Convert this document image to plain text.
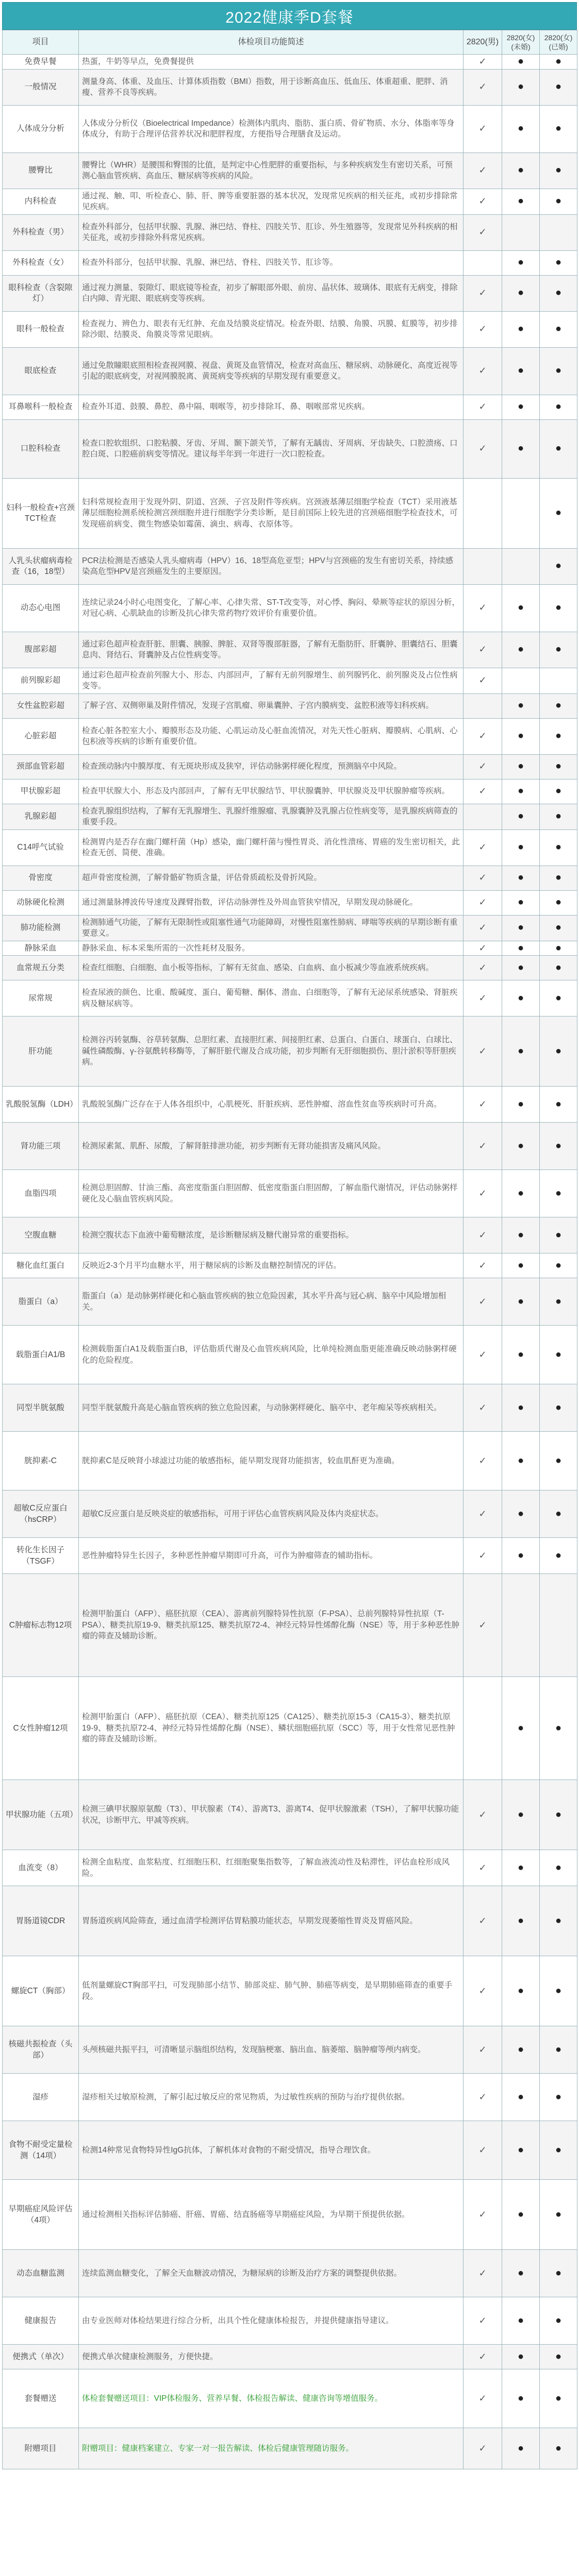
2022健康季D套餐
项目	体检项目功能简述	2820(男)	2820(女)(未婚)	2820(女)(已婚)
免费早餐	热蛋，牛奶等早点，免费餐提供	✓	●	●
一般情况	测量身高、体重、及血压、计算体质指数（BMI）指数，用于诊断高血压、低血压、体重超重、肥胖、消瘦、营养不良等疾病。	✓	●	●
人体成分分析	人体成分分析仪（Bioelectrical Impedance）检测体内肌肉、脂肪、蛋白质、骨矿物质、水分、体脂率等身体成分，有助于合理评估营养状况和肥胖程度，方便指导合理膳食及运动。	✓	●	●
腰臀比	腰臀比（WHR）是腰围和臀围的比值，是判定中心性肥胖的重要指标，与多种疾病发生有密切关系，可预测心脑血管疾病、高血压、糖尿病等疾病的风险。	✓	●	●
内科检查	通过视、触、叩、听检查心、肺、肝、脾等重要脏器的基本状况，发现常见疾病的相关征兆，或初步排除常见疾病。	✓	●	●
外科检查（男）	检查外科部分，包括甲状腺、乳腺、淋巴结、脊柱、四肢关节、肛诊、外生殖器等，发现常见外科疾病的相关征兆，或初步排除外科常见疾病。	✓		
外科检查（女）	检查外科部分，包括甲状腺、乳腺、淋巴结、脊柱、四肢关节、肛诊等。		●	●
眼科检查（含裂隙灯）	通过视力测量、裂隙灯、眼底镜等检查，初步了解眼部外眼、前房、晶状体、玻璃体、眼底有无病变，排除白内障、青光眼、眼底病变等疾病。	✓	●	●
眼科一般检查	检查视力、辨色力、眼表有无红肿、充血及结膜炎症情况。检查外眼、结膜、角膜、巩膜、虹膜等，初步排除沙眼、结膜炎、角膜炎等常见眼病。	✓	●	●
眼底检查	通过免散瞳眼底照相检查视网膜、视盘、黄斑及血管情况，检查对高血压、糖尿病、动脉硬化、高度近视等引起的眼底病变，对视网膜脱离、黄斑病变等疾病的早期发现有重要意义。	✓	●	●
耳鼻喉科一般检查	检查外耳道、鼓膜、鼻腔、鼻中隔、咽喉等，初步排除耳、鼻、咽喉部常见疾病。	✓	●	●
口腔科检查	检查口腔软组织、口腔粘膜、牙齿、牙周、颞下颌关节，了解有无龋齿、牙周病、牙齿缺失、口腔溃疡、口腔白斑、口腔癌前病变等情况。建议每半年到一年进行一次口腔检查。	✓	●	●
妇科一般检查+宫颈TCT检查	妇科常规检查用于发现外阴、阴道、宫颈、子宫及附件等疾病。宫颈液基薄层细胞学检查（TCT）采用液基薄层细胞检测系统检测宫颈细胞并进行细胞学分类诊断，是目前国际上较先进的宫颈癌细胞学检查技术，可发现癌前病变、微生物感染如霉菌、滴虫、病毒、衣原体等。			●
人乳头状瘤病毒检查（16，18型）	PCR法检测是否感染人乳头瘤病毒（HPV）16、18型高危亚型；HPV与宫颈癌的发生有密切关系，持续感染高危型HPV是宫颈癌发生的主要原因。			●
动态心电图	连续记录24小时心电图变化，了解心率、心律失常、ST-T改变等，对心悸、胸闷、晕厥等症状的原因分析，对冠心病、心肌缺血的诊断及抗心律失常药物疗效评价有重要价值。	✓	●	●
腹部彩超	通过彩色超声检查肝脏、胆囊、胰腺、脾脏、双肾等腹部脏器，了解有无脂肪肝、肝囊肿、胆囊结石、胆囊息肉、肾结石、肾囊肿及占位性病变等。	✓	●	●
前列腺彩超	通过彩色超声检查前列腺大小、形态、内部回声，了解有无前列腺增生、前列腺钙化、前列腺炎及占位性病变等。	✓		
女性盆腔彩超	了解子宫、双侧卵巢及附件情况，发现子宫肌瘤、卵巢囊肿、子宫内膜病变、盆腔积液等妇科疾病。		●	●
心脏彩超	检查心脏各腔室大小、瓣膜形态及功能、心肌运动及心脏血流情况，对先天性心脏病、瓣膜病、心肌病、心包积液等疾病的诊断有重要价值。	✓	●	●
颈部血管彩超	检查颈动脉内中膜厚度、有无斑块形成及狭窄，评估动脉粥样硬化程度，预测脑卒中风险。	✓	●	●
甲状腺彩超	检查甲状腺大小、形态及内部回声，了解有无甲状腺结节、甲状腺囊肿、甲状腺炎及甲状腺肿瘤等疾病。	✓	●	●
乳腺彩超	检查乳腺组织结构，了解有无乳腺增生、乳腺纤维腺瘤、乳腺囊肿及乳腺占位性病变等，是乳腺疾病筛查的重要手段。		●	●
C14呼气试验	检测胃内是否存在幽门螺杆菌（Hp）感染，幽门螺杆菌与慢性胃炎、消化性溃疡、胃癌的发生密切相关，此检查无创、简便、准确。	✓	●	●
骨密度	超声骨密度检测，了解骨骼矿物质含量，评估骨质疏松及骨折风险。	✓	●	●
动脉硬化检测	通过测量脉搏波传导速度及踝臂指数，评估动脉弹性及外周血管狭窄情况，早期发现动脉硬化。	✓	●	●
肺功能检测	检测肺通气功能，了解有无限制性或阻塞性通气功能障碍，对慢性阻塞性肺病、哮喘等疾病的早期诊断有重要意义。	✓	●	●
静脉采血	静脉采血、标本采集所需的一次性耗材及服务。	✓	●	●
血常规五分类	检查红细胞、白细胞、血小板等指标，了解有无贫血、感染、白血病、血小板减少等血液系统疾病。	✓	●	●
尿常规	检查尿液的颜色、比重、酸碱度、蛋白、葡萄糖、酮体、潜血、白细胞等，了解有无泌尿系统感染、肾脏疾病及糖尿病等。	✓	●	●
肝功能	检测谷丙转氨酶、谷草转氨酶、总胆红素、直接胆红素、间接胆红素、总蛋白、白蛋白、球蛋白、白球比、碱性磷酸酶、γ-谷氨酰转移酶等，了解肝脏代谢及合成功能，初步判断有无肝细胞损伤、胆汁淤积等肝胆疾病。	✓	●	●
乳酸脱氢酶（LDH）	乳酸脱氢酶广泛存在于人体各组织中，心肌梗死、肝脏疾病、恶性肿瘤、溶血性贫血等疾病时可升高。	✓	●	●
肾功能三项	检测尿素氮、肌酐、尿酸，了解肾脏排泄功能，初步判断有无肾功能损害及痛风风险。	✓	●	●
血脂四项	检测总胆固醇、甘油三酯、高密度脂蛋白胆固醇、低密度脂蛋白胆固醇，了解血脂代谢情况，评估动脉粥样硬化及心脑血管疾病风险。	✓	●	●
空腹血糖	检测空腹状态下血液中葡萄糖浓度，是诊断糖尿病及糖代谢异常的重要指标。	✓	●	●
糖化血红蛋白	反映近2-3个月平均血糖水平，用于糖尿病的诊断及血糖控制情况的评估。	✓	●	●
脂蛋白（a）	脂蛋白（a）是动脉粥样硬化和心脑血管疾病的独立危险因素，其水平升高与冠心病、脑卒中风险增加相关。	✓	●	●
载脂蛋白A1/B	检测载脂蛋白A1及载脂蛋白B，评估脂质代谢及心血管疾病风险，比单纯检测血脂更能准确反映动脉粥样硬化的危险程度。	✓	●	●
同型半胱氨酸	同型半胱氨酸升高是心脑血管疾病的独立危险因素，与动脉粥样硬化、脑卒中、老年痴呆等疾病相关。	✓	●	●
胱抑素-C	胱抑素C是反映肾小球滤过功能的敏感指标，能早期发现肾功能损害，较血肌酐更为准确。	✓	●	●
超敏C反应蛋白（hsCRP）	超敏C反应蛋白是反映炎症的敏感指标，可用于评估心血管疾病风险及体内炎症状态。	✓	●	●
转化生长因子（TSGF）	恶性肿瘤特异生长因子，多种恶性肿瘤早期即可升高，可作为肿瘤筛查的辅助指标。	✓	●	●
C肿瘤标志物12项	检测甲胎蛋白（AFP）、癌胚抗原（CEA）、游离前列腺特异性抗原（F-PSA）、总前列腺特异性抗原（T-PSA）、糖类抗原19-9、糖类抗原125、糖类抗原72-4、神经元特异性烯醇化酶（NSE）等，用于多种恶性肿瘤的筛查及辅助诊断。	✓		
C女性肿瘤12项	检测甲胎蛋白（AFP）、癌胚抗原（CEA）、糖类抗原125（CA125）、糖类抗原15-3（CA15-3）、糖类抗原19-9、糖类抗原72-4、神经元特异性烯醇化酶（NSE）、鳞状细胞癌抗原（SCC）等，用于女性常见恶性肿瘤的筛查及辅助诊断。		●	●
甲状腺功能（五项）	检测三碘甲状腺原氨酸（T3）、甲状腺素（T4）、游离T3、游离T4、促甲状腺激素（TSH），了解甲状腺功能状况，诊断甲亢、甲减等疾病。	✓	●	●
血流变（8）	检测全血粘度、血浆粘度、红细胞压积、红细胞聚集指数等，了解血液流动性及粘滞性，评估血栓形成风险。	✓	●	●
胃肠道镜CDR	胃肠道疾病风险筛查，通过血清学检测评估胃粘膜功能状态，早期发现萎缩性胃炎及胃癌风险。	✓	●	●
螺旋CT（胸部）	低剂量螺旋CT胸部平扫，可发现肺部小结节、肺部炎症、肺气肿、肺癌等病变，是早期肺癌筛查的重要手段。	✓	●	●
核磁共振检查（头部）	头颅核磁共振平扫，可清晰显示脑组织结构，发现脑梗塞、脑出血、脑萎缩、脑肿瘤等颅内病变。	✓	●	●
湿疹	湿疹相关过敏原检测，了解引起过敏反应的常见物质，为过敏性疾病的预防与治疗提供依据。	✓	●	●
食物不耐受定量检测（14项）	检测14种常见食物特异性IgG抗体，了解机体对食物的不耐受情况，指导合理饮食。	✓	●	●
早期癌症风险评估（4项）	通过检测相关指标评估肺癌、肝癌、胃癌、结直肠癌等早期癌症风险，为早期干预提供依据。	✓	●	●
动态血糖监测	连续监测血糖变化，了解全天血糖波动情况，为糖尿病的诊断及治疗方案的调整提供依据。	✓	●	●
健康报告	由专业医师对体检结果进行综合分析，出具个性化健康体检报告，并提供健康指导建议。	✓	●	●
便携式（单次）	便携式单次健康检测服务，方便快捷。	✓	●	●
套餐赠送	体检套餐赠送项目：VIP体检服务、营养早餐、体检报告解读、健康咨询等增值服务。	✓	●	●
附赠项目	附赠项目：健康档案建立、专家一对一报告解读、体检后健康管理随访服务。	✓	●	●
